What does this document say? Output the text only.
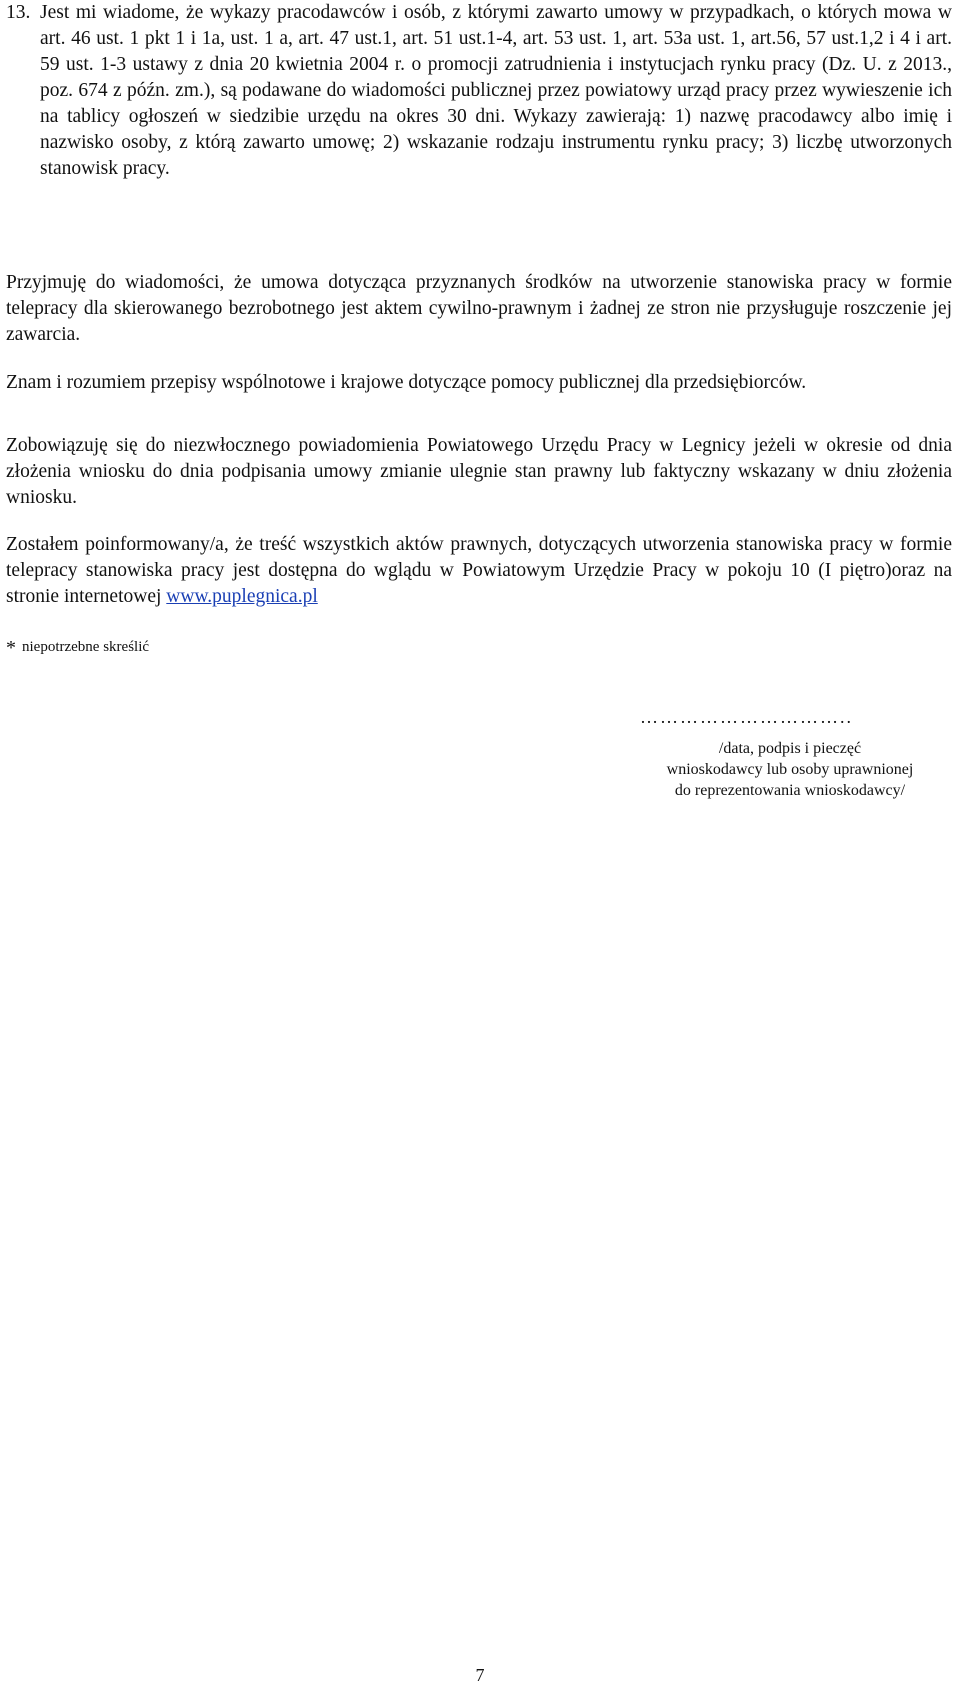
13. Jest mi wiadome, że wykazy pracodawców i osób, z którymi zawarto umowy w przypadkach, o których mowa w art. 46 ust. 1 pkt 1 i 1a, ust. 1 a, art. 47 ust.1, art. 51 ust.1-4, art. 53 ust. 1, art. 53a ust. 1, art.56, 57 ust.1,2 i 4 i art. 59 ust. 1-3 ustawy z dnia 20 kwietnia 2004 r. o promocji zatrudnienia i instytucjach rynku pracy (Dz. U. z 2013., poz. 674 z późn. zm.), są podawane do wiadomości publicznej przez powiatowy urząd pracy przez wywieszenie ich na tablicy ogłoszeń w siedzibie urzędu na okres 30 dni. Wykazy zawierają: 1) nazwę pracodawcy albo imię i nazwisko osoby, z którą zawarto umowę; 2) wskazanie rodzaju instrumentu rynku pracy; 3) liczbę utworzonych stanowisk pracy.

Przyjmuję do wiadomości, że umowa dotycząca przyznanych środków na utworzenie stanowiska pracy w formie telepracy dla skierowanego bezrobotnego jest aktem cywilno-prawnym i żadnej ze stron nie przysługuje roszczenie jej zawarcia.

Znam i rozumiem przepisy wspólnotowe i krajowe dotyczące pomocy publicznej dla przedsiębiorców.

Zobowiązuję się do niezwłocznego powiadomienia Powiatowego Urzędu Pracy w Legnicy jeżeli w okresie od dnia złożenia wniosku do dnia podpisania umowy zmianie ulegnie stan prawny lub faktyczny wskazany w dniu złożenia wniosku.

Zostałem poinformowany/a, że treść wszystkich aktów prawnych, dotyczących utworzenia stanowiska pracy w formie telepracy stanowiska pracy jest dostępna do wglądu w Powiatowym Urzędzie Pracy w pokoju 10 (I piętro)oraz na stronie internetowej www.puplegnica.pl

* niepotrzebne skreślić

…………………………..

/data, podpis i pieczęć
wnioskodawcy lub osoby uprawnionej
do reprezentowania wnioskodawcy/

7
